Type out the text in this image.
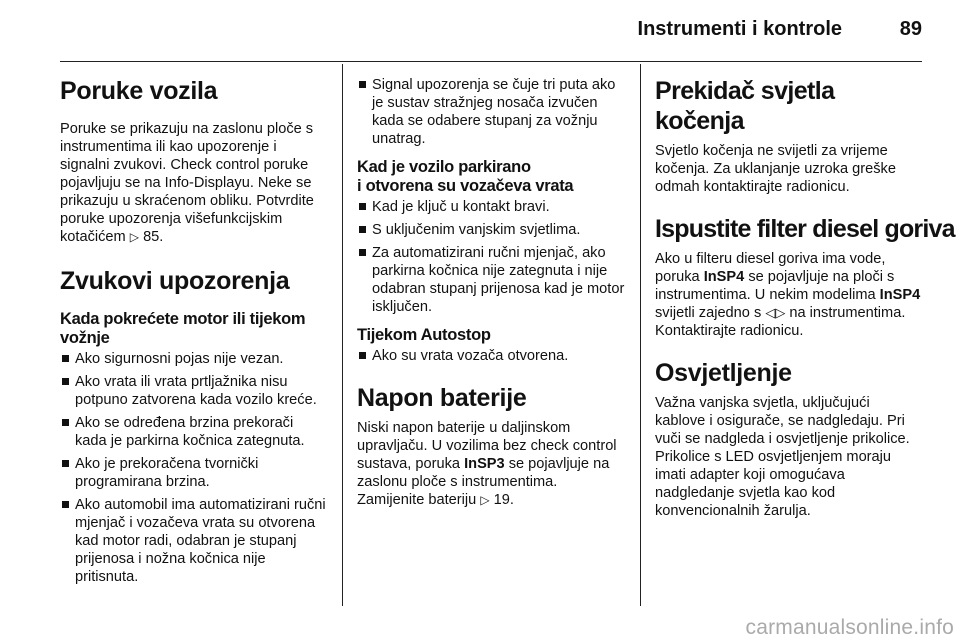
Instrumenti i kontrole	89
Poruke vozila

Poruke se prikazuju na zaslonu ploče s instrumentima ili kao upozorenje i signalni zvukovi. Check control poruke pojavljuju se na Info-Displayu. Neke se prikazuju u skraćenom obliku. Potvrdite poruke upozorenja višefunkcijskim kotačićem ▷ 85.

Zvukovi upozorenja
Kada pokrećete motor ili tijekom vožnje
Ako sigurnosni pojas nije vezan.
Ako vrata ili vrata prtljažnika nisu potpuno zatvorena kada vozilo kreće.
Ako se određena brzina prekorači kada je parkirna kočnica zategnuta.
Ako je prekoračena tvornički programirana brzina.
Ako automobil ima automatizirani ručni mjenjač i vozačeva vrata su otvorena kad motor radi, odabran je stupanj prijenosa i nožna kočnica nije pritisnuta.
Signal upozorenja se čuje tri puta ako je sustav stražnjeg nosača izvučen kada se odabere stupanj za vožnju unatrag.
Kad je vozilo parkirano
i otvorena su vozačeva vrata
Kad je ključ u kontakt bravi.
S uključenim vanjskim svjetlima.
Za automatizirani ručni mjenjač, ako parkirna kočnica nije zategnuta i nije odabran stupanj prijenosa kad je motor isključen.
Tijekom Autostop
Ako su vrata vozača otvorena.
Napon baterije

Niski napon baterije u daljinskom upravljaču. U vozilima bez check control sustava, poruka InSP3 se pojavljuje na zaslonu ploče s instrumentima. Zamijenite bateriju ▷ 19.

Prekidač svjetla kočenja

Svjetlo kočenja ne svijetli za vrijeme kočenja. Za uklanjanje uzroka greške odmah kontaktirajte radionicu.

Ispustite filter diesel goriva

Ako u filteru diesel goriva ima vode, poruka InSP4 se pojavljuje na ploči s instrumentima. U nekim modelima InSP4 svijetli zajedno s ◁▷ na instrumentima. Kontaktirajte radionicu.

Osvjetljenje

Važna vanjska svjetla, uključujući kablove i osigurače, se nadgledaju. Pri vuči se nadgleda i osvjetljenje prikolice. Prikolice s LED osvjetljenjem moraju imati adapter koji omogućava nadgledanje svjetla kao kod konvencionalnih žarulja.

carmanualsonline.info
